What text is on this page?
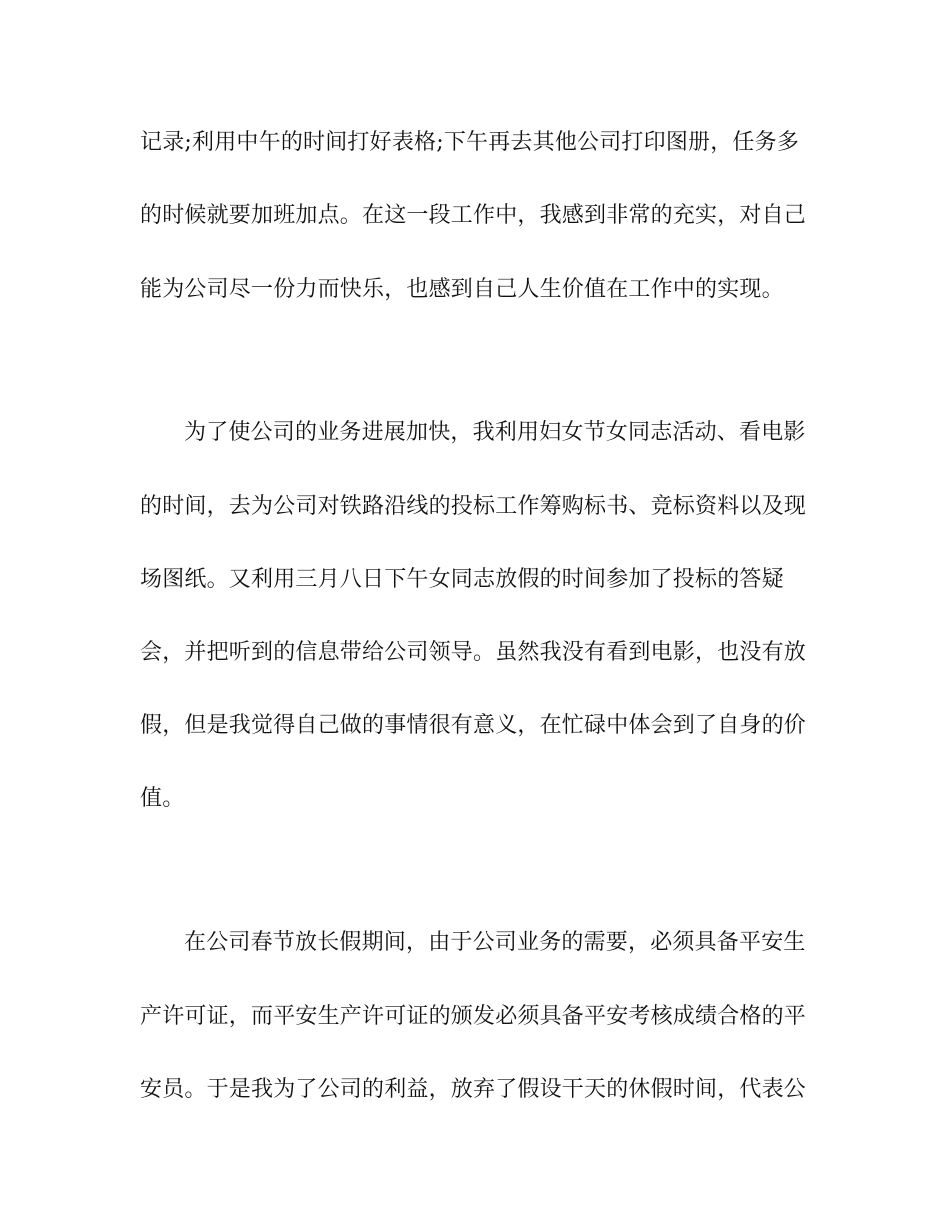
记录;利用中午的时间打好表格;下午再去其他公司打印图册，任务多
的时候就要加班加点。在这一段工作中，我感到非常的充实，对自己
能为公司尽一份力而快乐，也感到自己人生价值在工作中的实现。
为了使公司的业务进展加快，我利用妇女节女同志活动、看电影
的时间，去为公司对铁路沿线的投标工作筹购标书、竞标资料以及现
场图纸。又利用三月八日下午女同志放假的时间参加了投标的答疑
会，并把听到的信息带给公司领导。虽然我没有看到电影，也没有放
假，但是我觉得自己做的事情很有意义，在忙碌中体会到了自身的价
值。
在公司春节放长假期间，由于公司业务的需要，必须具备平安生
产许可证，而平安生产许可证的颁发必须具备平安考核成绩合格的平
安员。于是我为了公司的利益，放弃了假设干天的休假时间，代表公
